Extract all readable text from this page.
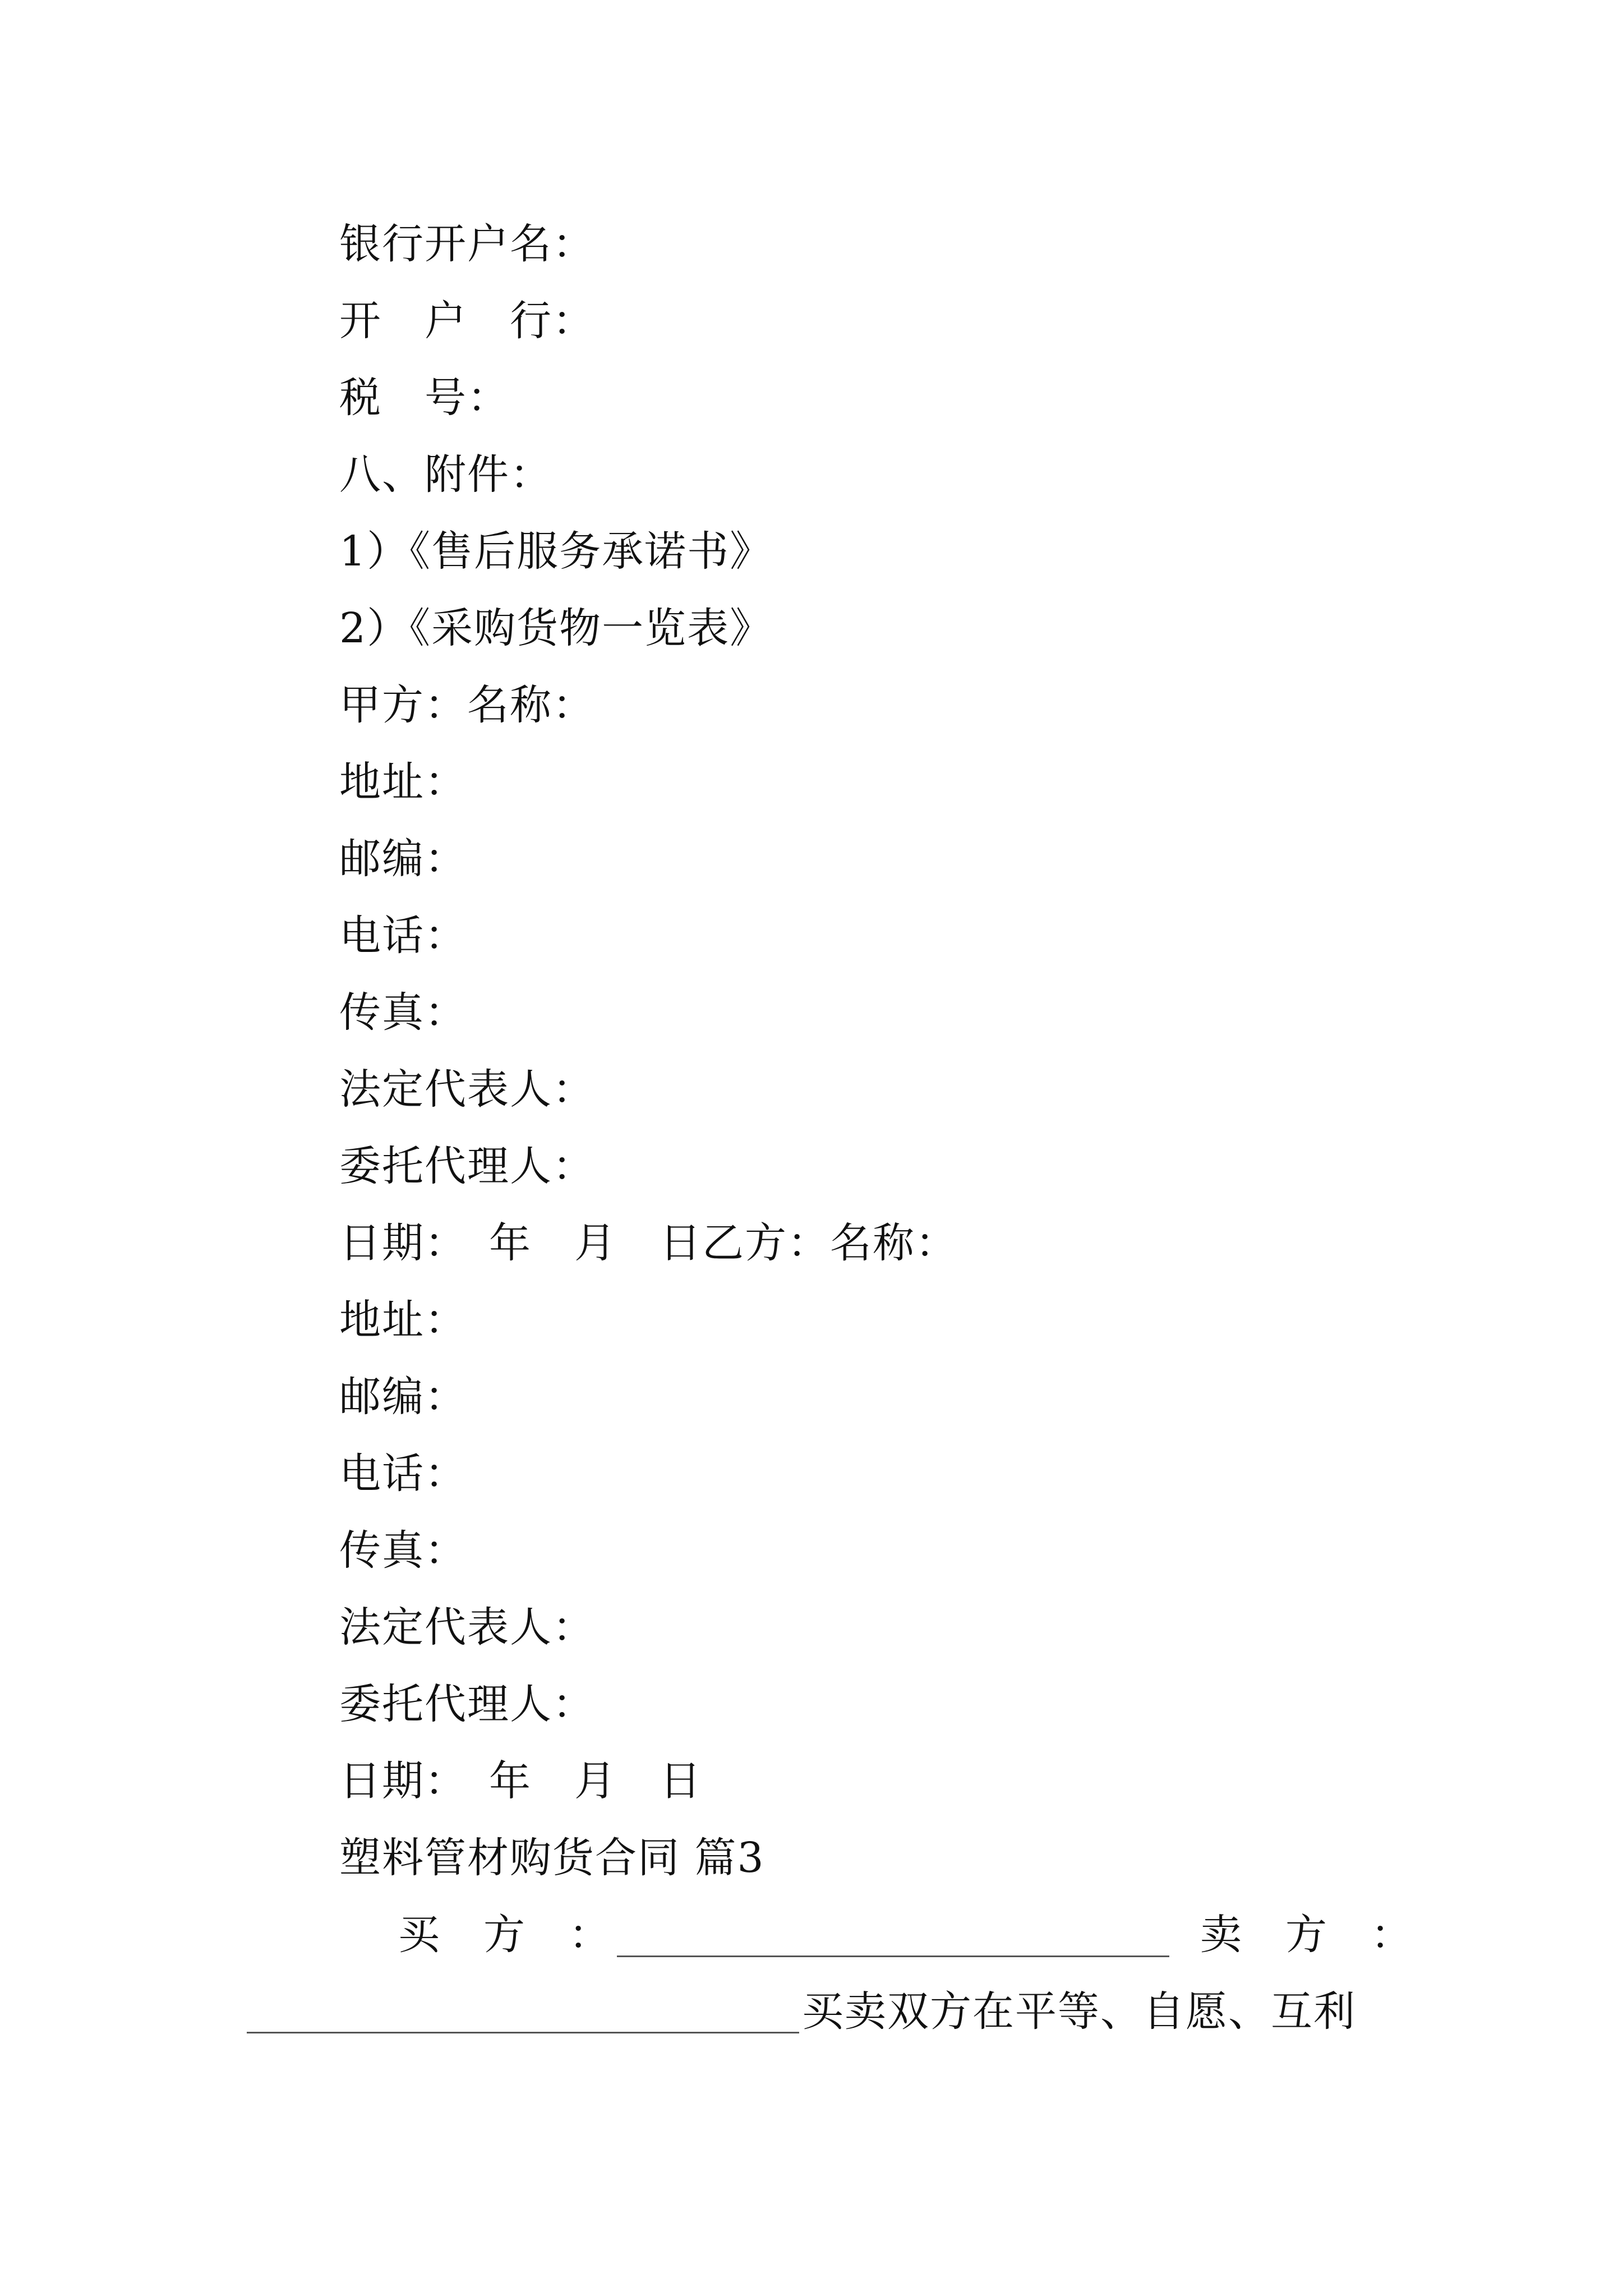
银行开户名：
开　户　行：
税　号：
八、附件：
1）《售后服务承诺书》
2）《采购货物一览表》
甲方：名称：
地址：
邮编：
电话：
传真：
法定代表人：
委托代理人：
日期：　年　月　日乙方：名称：
地址：
邮编：
电话：
传真：
法定代表人：
委托代理人：
日期：　年　月　日
塑料管材购货合同 篇3
买　方　：	卖　方　：
买卖双方在平等、自愿、互利
